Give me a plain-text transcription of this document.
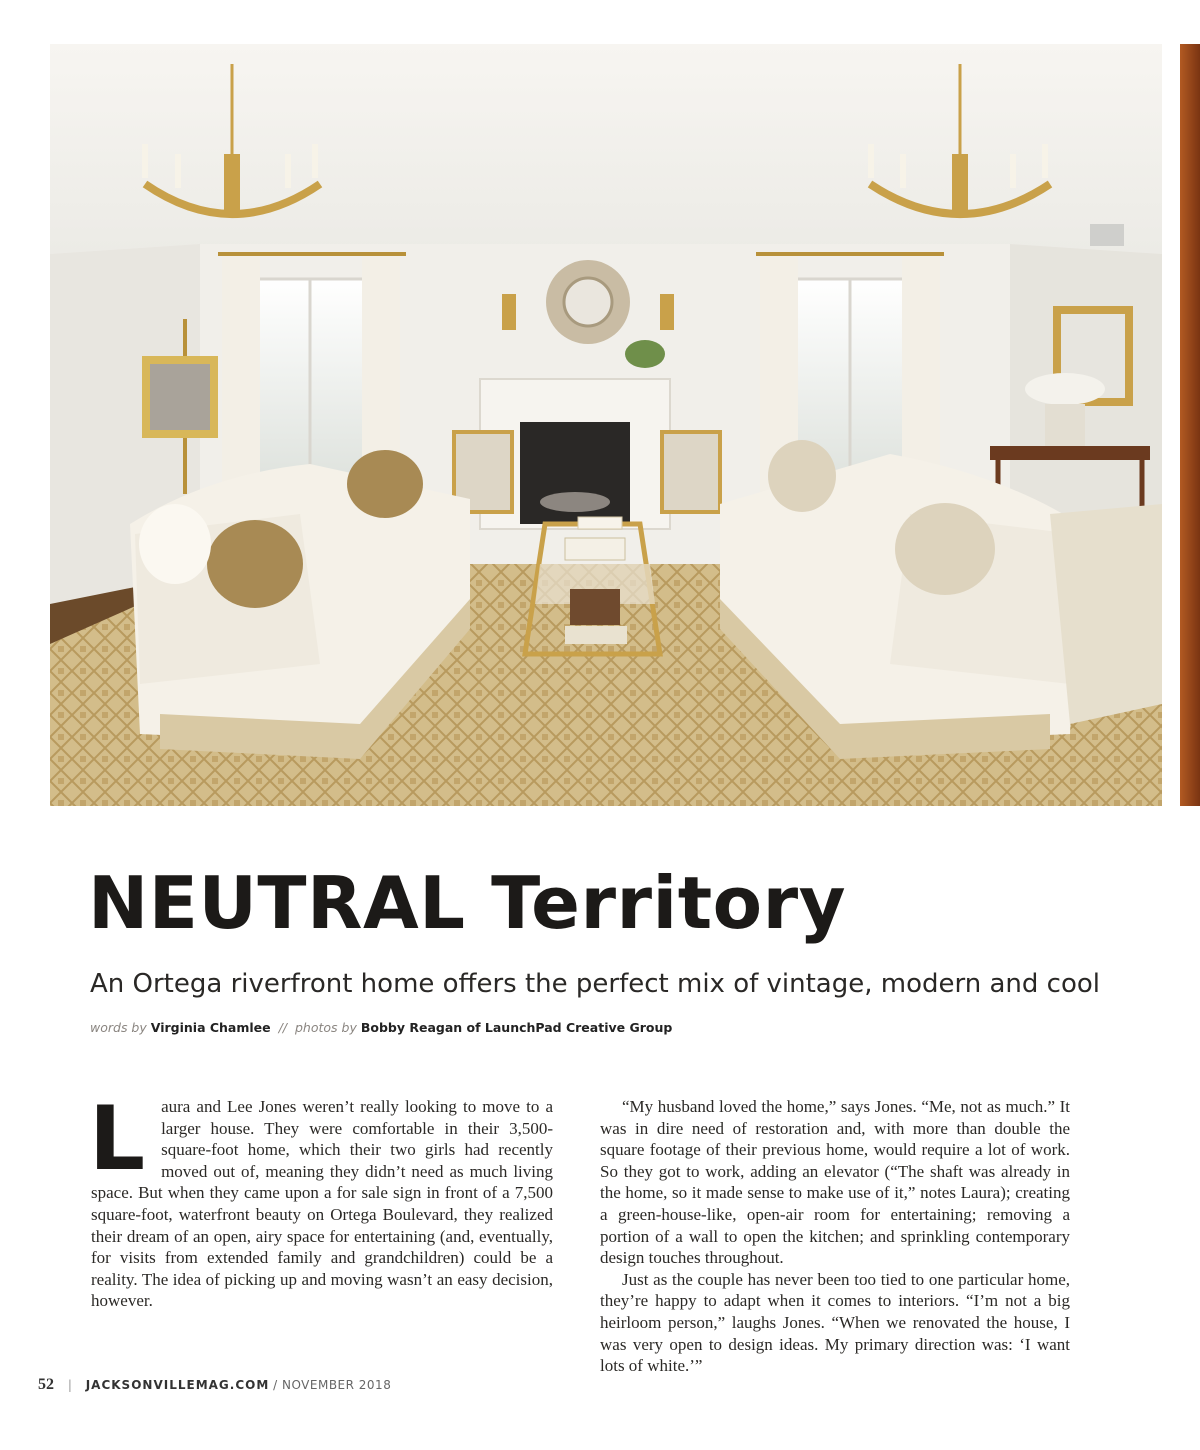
NEUTRAL Territory
An Ortega riverfront home offers the perfect mix of vintage, modern and cool
words by Virginia Chamlee // photos by Bobby Reagan of LaunchPad Creative Group
L aura and Lee Jones weren’t really looking to move to a larger house. They were comfortable in their 3,500-square-foot home, which their two girls had recently moved out of, meaning they didn’t need as much living space. But when they came upon a for sale sign in front of a 7,500 square-foot, waterfront beauty on Ortega Boulevard, they realized their dream of an open, airy space for entertaining (and, eventually, for visits from extended family and grandchildren) could be a reality. The idea of picking up and moving wasn’t an easy decision, however.

“My husband loved the home,” says Jones. “Me, not as much.” It was in dire need of restoration and, with more than double the square footage of their previous home, would require a lot of work. So they got to work, adding an elevator (“The shaft was already in the home, so it made sense to make use of it,” notes Laura); creating a green-house-like, open-air room for entertaining; removing a portion of a wall to open the kitchen; and sprinkling contemporary design touches throughout.

Just as the couple has never been too tied to one particular home, they’re happy to adapt when it comes to interiors. “I’m not a big heirloom person,” laughs Jones. “When we renovated the house, I was very open to design ideas. My primary direction was: ‘I want lots of white.’”

52 | JACKSONVILLEMAG.COM / NOVEMBER 2018
